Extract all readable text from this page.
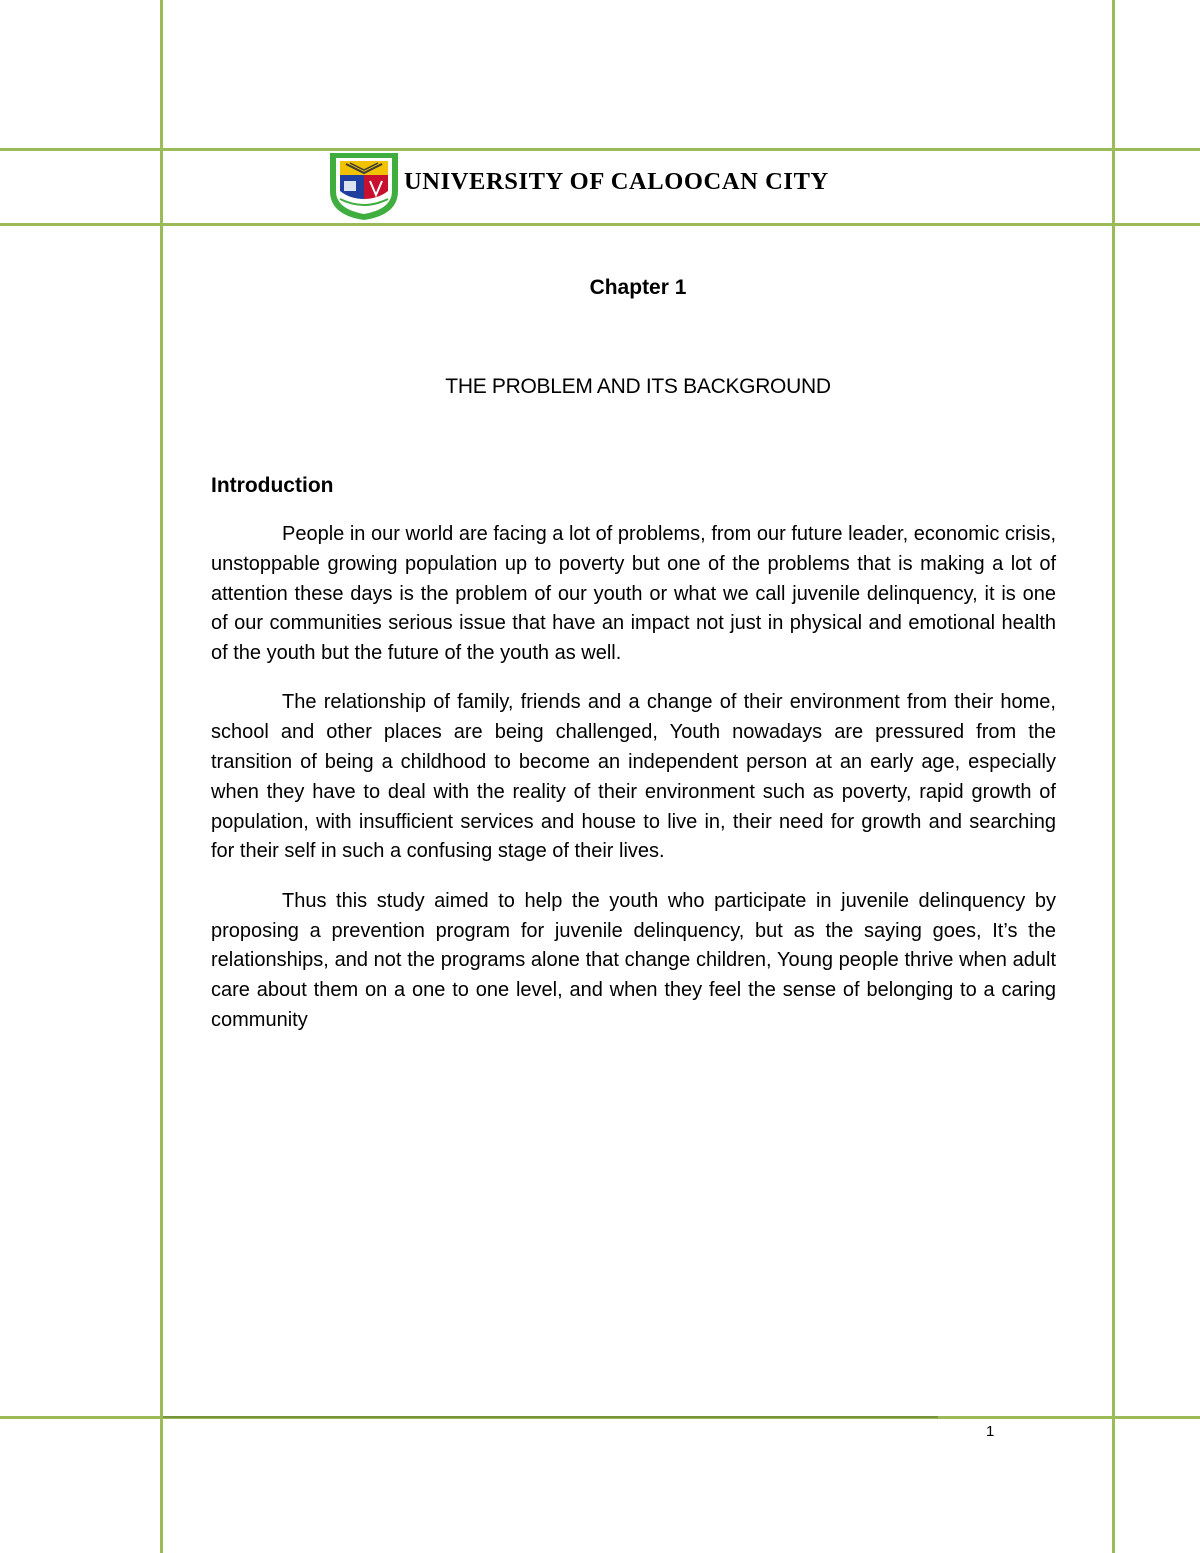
UNIVERSITY OF CALOOCAN CITY
Chapter 1
THE PROBLEM AND ITS BACKGROUND
Introduction

People in our world are facing a lot of problems, from our future leader, economic crisis, unstoppable growing population up to poverty but one of the problems that is making a lot of attention these days is the problem of our youth or what we call juvenile delinquency, it is one of our communities serious issue that have an impact not just in physical and emotional health of the youth but the future of the youth as well.

The relationship of family, friends and a change of their environment from their home, school and other places are being challenged, Youth nowadays are pressured from the transition of being a childhood to become an independent person at an early age, especially when they have to deal with the reality of their environment such as poverty, rapid growth of population, with insufficient services and house to live in, their need for growth and searching for their self in such a confusing stage of their lives.

Thus this study aimed to help the youth who participate in juvenile delinquency by proposing a prevention program for juvenile delinquency, but as the saying goes, It’s the relationships, and not the programs alone that change children, Young people thrive when adult care about them on a one to one level, and when they feel the sense of belonging to a caring community

1
